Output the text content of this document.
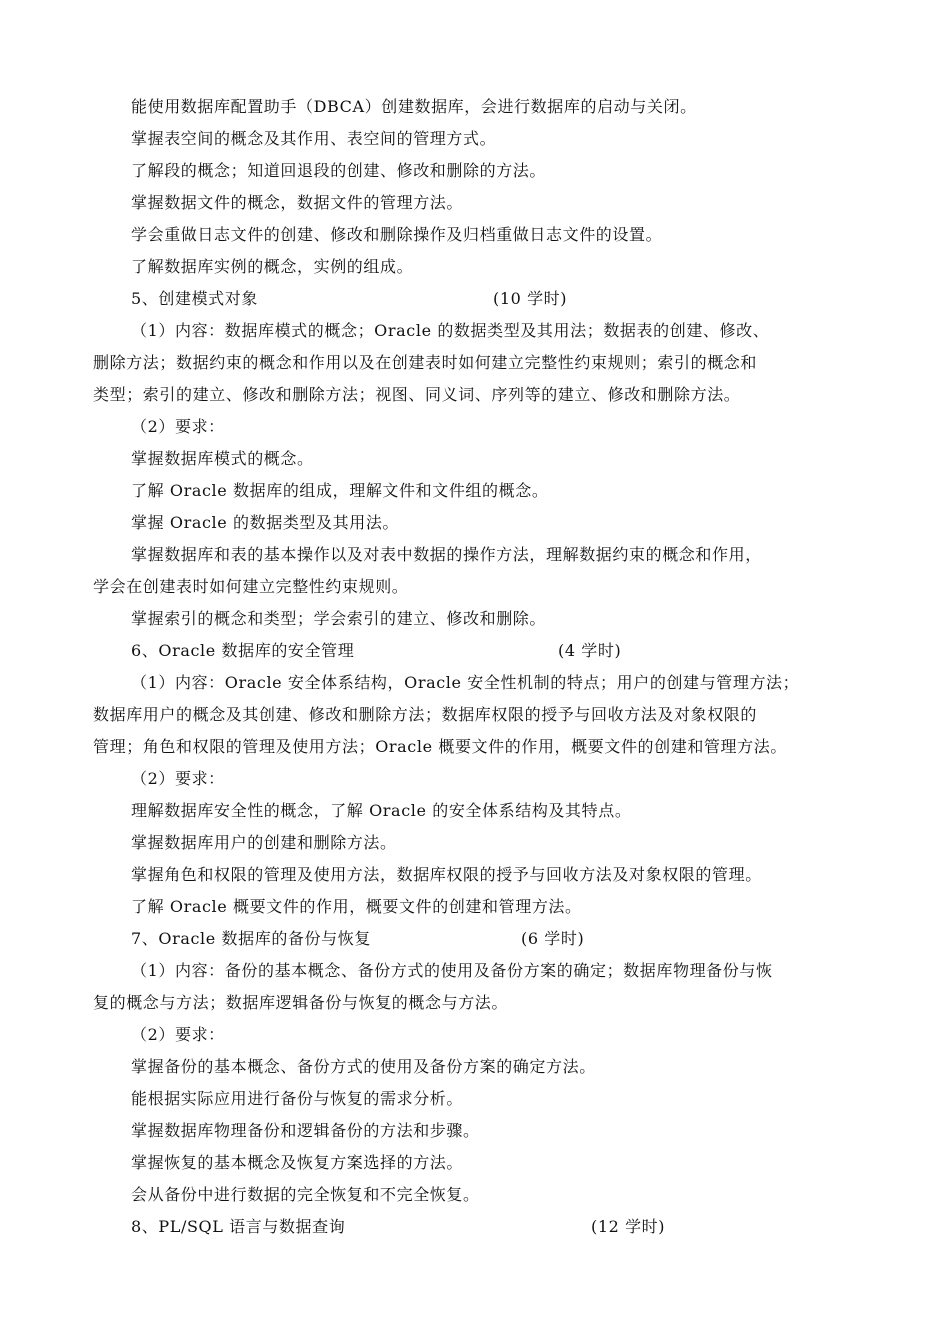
能使用数据库配置助手（DBCA）创建数据库，会进行数据库的启动与关闭。
掌握表空间的概念及其作用、表空间的管理方式。
了解段的概念；知道回退段的创建、修改和删除的方法。
掌握数据文件的概念，数据文件的管理方法。
学会重做日志文件的创建、修改和删除操作及归档重做日志文件的设置。
了解数据库实例的概念，实例的组成。
5、创建模式对象	(10 学时)
（1）内容：数据库模式的概念；Oracle 的数据类型及其用法；数据表的创建、修改、
删除方法；数据约束的概念和作用以及在创建表时如何建立完整性约束规则；索引的概念和
类型；索引的建立、修改和删除方法；视图、同义词、序列等的建立、修改和删除方法。
（2）要求：
掌握数据库模式的概念。
了解 Oracle 数据库的组成，理解文件和文件组的概念。
掌握 Oracle 的数据类型及其用法。
掌握数据库和表的基本操作以及对表中数据的操作方法，理解数据约束的概念和作用，
学会在创建表时如何建立完整性约束规则。
掌握索引的概念和类型；学会索引的建立、修改和删除。
6、Oracle 数据库的安全管理	(4 学时)
（1）内容：Oracle 安全体系结构，Oracle 安全性机制的特点；用户的创建与管理方法；
数据库用户的概念及其创建、修改和删除方法；数据库权限的授予与回收方法及对象权限的
管理；角色和权限的管理及使用方法；Oracle 概要文件的作用，概要文件的创建和管理方法。
（2）要求：
理解数据库安全性的概念，了解 Oracle 的安全体系结构及其特点。
掌握数据库用户的创建和删除方法。
掌握角色和权限的管理及使用方法，数据库权限的授予与回收方法及对象权限的管理。
了解 Oracle 概要文件的作用，概要文件的创建和管理方法。
7、Oracle 数据库的备份与恢复	(6 学时)
（1）内容：备份的基本概念、备份方式的使用及备份方案的确定；数据库物理备份与恢
复的概念与方法；数据库逻辑备份与恢复的概念与方法。
（2）要求：
掌握备份的基本概念、备份方式的使用及备份方案的确定方法。
能根据实际应用进行备份与恢复的需求分析。
掌握数据库物理备份和逻辑备份的方法和步骤。
掌握恢复的基本概念及恢复方案选择的方法。
会从备份中进行数据的完全恢复和不完全恢复。
8、PL/SQL 语言与数据查询	(12 学时)
